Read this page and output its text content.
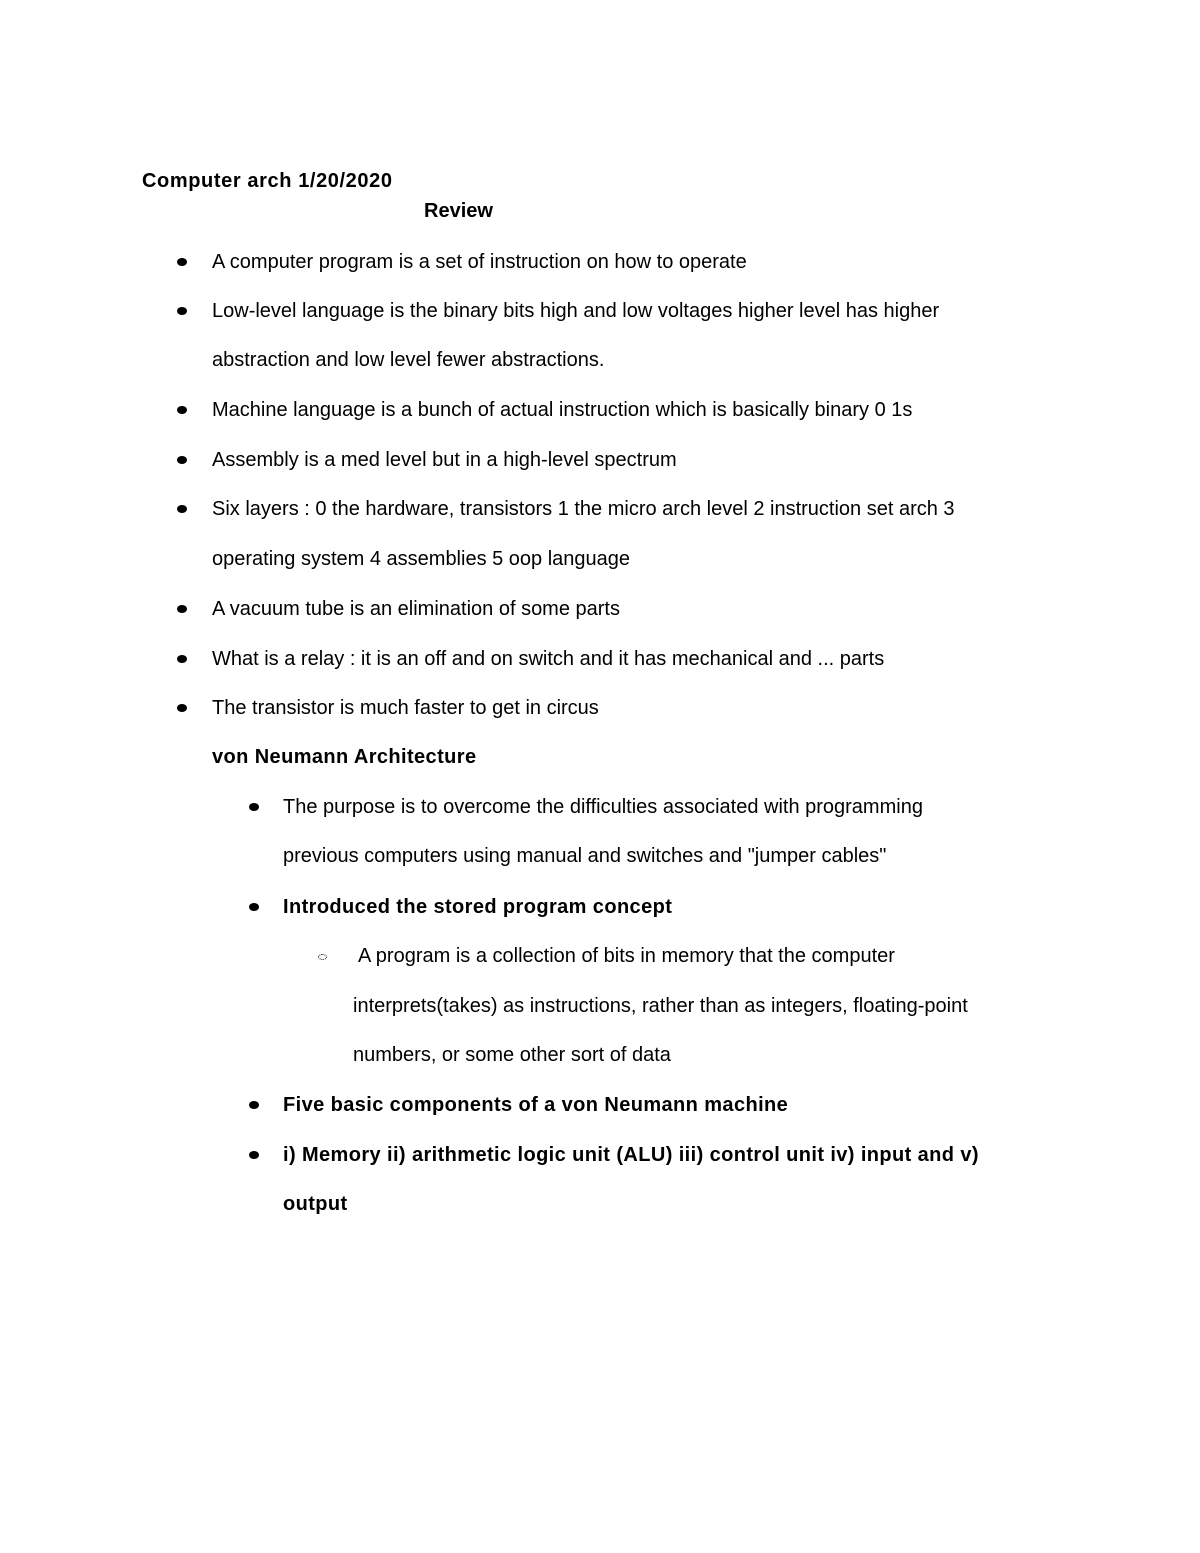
Computer arch 1/20/2020
Review
A computer program is a set of instruction on how to operate
Low-level language is the binary bits high and low voltages higher level has higher
abstraction and low level fewer abstractions.
Machine language is a bunch of actual instruction which is basically binary 0 1s
Assembly is a med level but in a high-level spectrum
Six layers : 0 the hardware, transistors 1 the micro arch level 2 instruction set arch 3
operating system 4 assemblies 5 oop language
A vacuum tube is an elimination of some parts
What is a relay : it is an off and on switch and it has mechanical and ... parts
The transistor is much faster to get in circus
von Neumann Architecture
The purpose is to overcome the difficulties associated with programming
previous computers using manual and switches and "jumper cables"
Introduced the stored program concept
A program is a collection of bits in memory that the computer
interprets(takes) as instructions, rather than as integers, floating-point
numbers, or some other sort of data
Five basic components of a von Neumann machine
i) Memory ii) arithmetic logic unit (ALU) iii) control unit iv) input and v)
output
